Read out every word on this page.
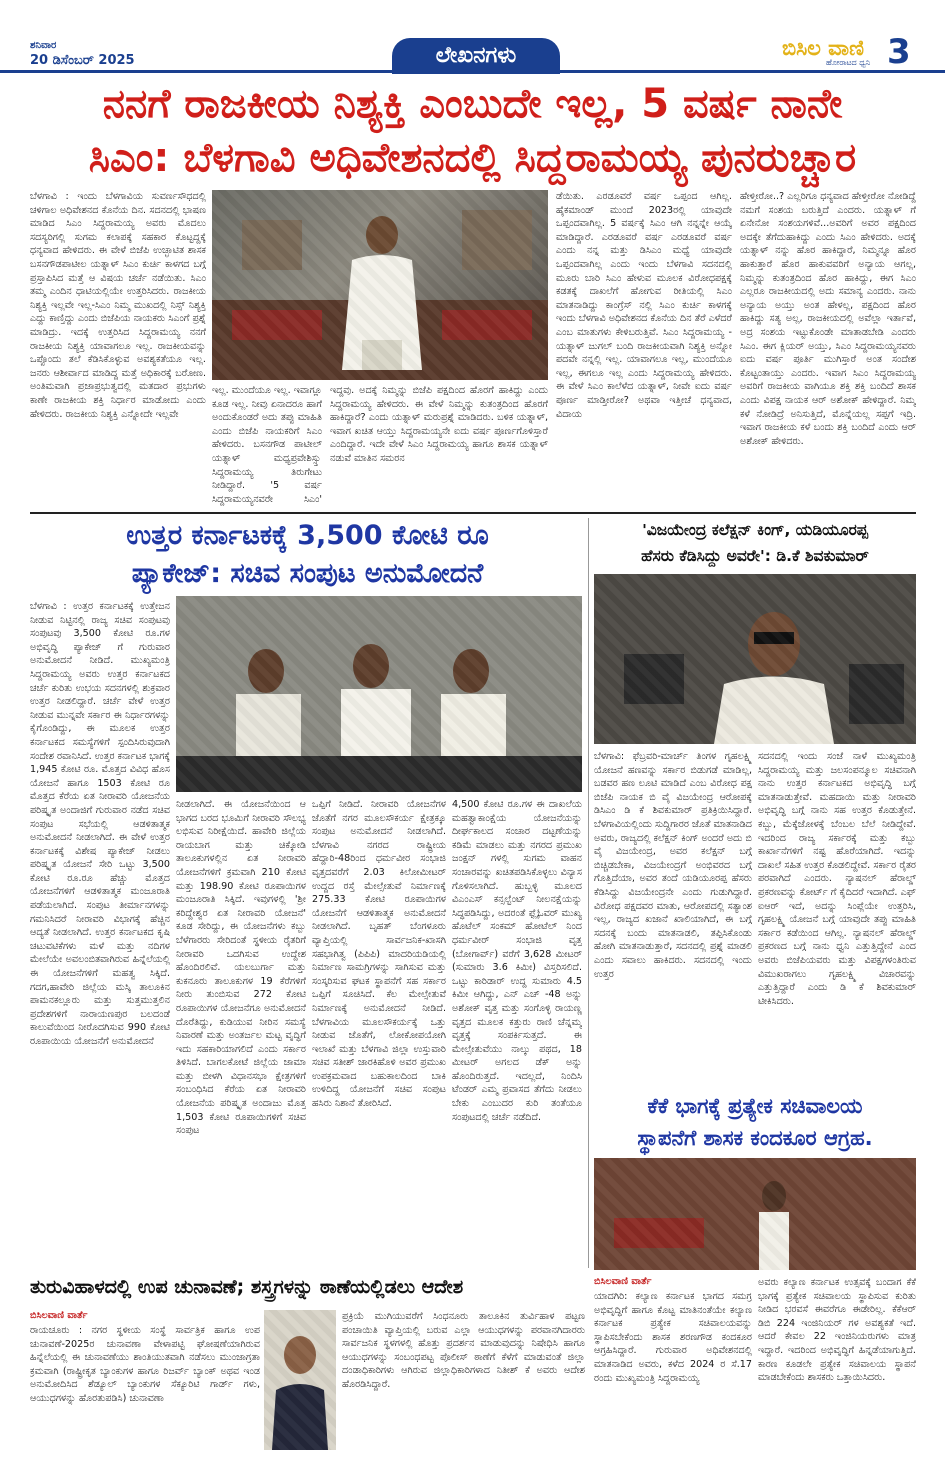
ಶನಿವಾರ
20 ಡಿಸೆಂಬರ್ 2025	ಲೇಖನಗಳು	ಬಿಸಿಲ ವಾಣಿ
ಹೋರಾಟದ ಧ್ವನಿ 3
ನನಗೆ ರಾಜಕೀಯ ನಿಶ್ಯಕ್ತಿ ಎಂಬುದೇ ಇಲ್ಲ, 5 ವರ್ಷ ನಾನೇ
ಸಿಎಂ: ಬೆಳಗಾವಿ ಅಧಿವೇಶನದಲ್ಲಿ ಸಿದ್ದರಾಮಯ್ಯ ಪುನರುಚ್ಚಾರ
ಬೆಳಗಾವಿ : ಇಂದು ಬೆಳಗಾವಿಯ ಸುವರ್ಣಸೌಧದಲ್ಲಿ ಚಳಿಗಾಲ ಅಧಿವೇಶನದ ಕೊನೆಯ ದಿನ. ಸದನದಲ್ಲಿ ಭಾಷಣ ಮಾಡಿದ ಸಿಎಂ ಸಿದ್ದರಾಮಯ್ಯ ಅವರು ಮೊದಲು ಸದಸ್ಯರಿಗಲ್ಲಿ ಸುಗಮ ಕಲಾಪಕ್ಕೆ ಸಹಕಾರ ಕೊಟ್ಟದ್ದಕ್ಕೆ ಧನ್ಯವಾದ ಹೇಳಿದರು. ಈ ವೇಳೆ ಬಿಜೆಪಿ ಉಚ್ಛಾಟಿತ ಶಾಸಕ ಬಸನಗೌಡಪಾಟೀಲ ಯತ್ನಾಳ್ ಸಿಎಂ ಕುರ್ಚಿ ಕಾಳಗದ ಬಗ್ಗೆ ಪ್ರಸ್ತಾಪಿಸಿದ ಮತ್ತೆ ಆ ವಿಷಯ ಚರ್ಚೆ ನಡೆಯಿತು. ಸಿಎಂ ತಮ್ಮ ಎಂದಿನ ಧಾಟಿಯಲ್ಲಿಯೇ ಉತ್ತರಿಸಿದರು. ರಾಜಕೀಯ ನಿಶ್ಯಕ್ತಿ ಇಲ್ಲವೇ ಇಲ್ಲ-ಸಿಎಂ ನಿಮ್ಮ ಮುಖದಲ್ಲಿ ನಿಸ್ಸ್ ನಿಶ್ಯಕ್ತಿ ಎದ್ದು ಕಾಣ್ತಿದ್ದು ಎಂದು ಬಿಜೆಪಿಯ ನಾಯಕರು ಸಿಎಂಗೆ ಪ್ರಶ್ನೆ ಮಾಡಿದ್ರು. ಇದಕ್ಕೆ ಉತ್ತರಿಸಿದ ಸಿದ್ದರಾಮಯ್ಯ ನನಗೆ ರಾಜಕೀಯ ನಿಶ್ಯಕ್ತಿ ಯಾವಾಗಲೂ ಇಲ್ಲ. ರಾಜಕೀಯವನ್ನು ಒಪ್ಪೊಂದು ತಲೆ ಕೆಡಿಸಿಕೊಳ್ಳುವ ಅವಶ್ಯಕತೆಯೂ ಇಲ್ಲ. ಜನರು ಆಶೀರ್ವಾದ ಮಾಡಿದ್ದ ಮತ್ತೆ ಅಧಿಕಾರಕ್ಕೆ ಬರೋಣ. ಅಂತಿಮವಾಗಿ ಪ್ರಜಾಪ್ರಭುತ್ವದಲ್ಲಿ ಮತದಾರ ಪ್ರಭುಗಳು ಕಾಣೇ ರಾಜಕೀಯ ಶಕ್ತಿ ನಿರ್ಧಾರ ಮಾಡೋದು ಎಂದು ಹೇಳಿದರು. ರಾಜಕೀಯ ನಿಶ್ಯಕ್ತಿ ಎನ್ನೋದೇ ಇಲ್ಲವೇ
ಇಲ್ಲ. ಮುಂದೆಯೂ ಇಲ್ಲ. ಇವಾಗ್ಲೂ ಕೂಡ ಇಲ್ಲ. ನೀವು ಏನಾದರೂ ಹಾಗೆ ಅಂದುಕೊಂಡರೆ ಅದು ತಪ್ಪು ಮಾಹಿತಿ ಎಂದು ಬಿಜೆಪಿ ನಾಯಕರಿಗೆ ಸಿಎಂ ಹೇಳಿದರು. ಬಸನಗೌಡ ಪಾಟೀಲ್ ಯತ್ನಾಳ್ ಮಧ್ಯಪ್ರವೇಶಿಸ್ಸ್ತು ಸಿದ್ದರಾಮಯ್ಯ ತಿರುಗೇಟು ನೀಡಿದ್ದಾರೆ. '5 ವರ್ಷ ಸಿದ್ದರಾಮಯ್ಯನವರೇ ಸಿಎಂ'
ಇದ್ದವು. ಅದಕ್ಕೆ ನಿಮ್ಮನ್ನು ಬಿಜೆಪಿ ಪಕ್ಷದಿಂದ ಹೊರಗೆ ಹಾಕಿದ್ದು ಎಂದು ಸಿದ್ದರಾಮಯ್ಯ ಹೇಳಿದರು. ಈ ವೇಳೆ ನಿಮ್ಮನ್ನು ಕುತಂತ್ರದಿಂದ ಹೊರಗೆ ಹಾಕಿದ್ದಾರೆ? ಎಂದು ಯತ್ನಾಳ್ ಮರುಪ್ರಶ್ನೆ ಮಾಡಿದರು. ಬಳಿಕ ಯತ್ನಾಳ್, ಇವಾಗ ಖಚಿತ ಆಯ್ತು ಸಿದ್ದರಾಮಯ್ಯನೇ ಐದು ವರ್ಷ ಪೂರ್ಣಗೊಳಿಸ್ತಾರೆ ಎಂದಿದ್ದಾರೆ. ಇದೇ ವೇಳೆ ಸಿಎಂ ಸಿದ್ದರಾಮಯ್ಯ ಹಾಗೂ ಶಾಸಕ ಯತ್ನಾಳ್ ನಡುವೆ ಮಾತಿನ ಸಮರನ
ಡೆಯಿತು. ಎರಡೂವರೆ ವರ್ಷ ಒಪ್ಪಂದ ಆಗಿಲ್ಲ. ಹೈಕಮಾಂಡ್ ಮುಂದೆ 2023ರಲ್ಲಿ ಯಾವುದೇ ಒಪ್ಪಂದವಾಗಿಲ್ಲ. 5 ವರ್ಷಕ್ಕೆ ಸಿಎಂ ಆಗಿ ನನ್ನನ್ನೇ ಆಯ್ಕೆ ಮಾಡಿದ್ದಾರೆ. ಎರಡೂವರೆ ವರ್ಷ ಎರಡೂವರೆ ವರ್ಷ ಎಂದು ನನ್ನ ಮತ್ತು ಡಿಸಿಎಂ ಮಧ್ಯೆ ಯಾವುದೇ ಒಪ್ಪಂದವಾಗಿಲ್ಲ ಎಂದು ಇಂದು ಬೆಳಗಾವಿ ಸದನದಲ್ಲಿ ಮೂರು ಬಾರಿ ಸಿಎಂ ಹೇಳುವ ಮೂಲಕ ವಿರೋಧಪಕ್ಷಕ್ಕೆ ಕಡತಕ್ಕೆ ದಾಖಲೆಗೆ ಹೋಗುವ ರೀತಿಯಲ್ಲಿ ಸಿಎಂ ಮಾತನಾಡಿದ್ದು ಕಾಂಗ್ರೆಸ್ ನಲ್ಲಿ ಸಿಎಂ ಕುರ್ಚಿ ಕಾಳಗಕ್ಕೆ ಇಂದು ಬೆಳಗಾವಿ ಅಧಿವೇಶನದ ಕೊನೆಯ ದಿನ ತೆರೆ ಎಳೆದರೆ ಎಂಬ ಮಾತುಗಳು ಕೇಳಿಬರುತ್ತಿವೆ. ಸಿಎಂ ಸಿದ್ದರಾಮಯ್ಯ - ಯತ್ನಾಳ್ ಜುಗಲ್ ಬಂದಿ ರಾಜಕೀಯವಾಗಿ ನಿಶ್ಯಕ್ತಿ ಅನ್ನೋ ಪದವೇ ನನ್ನಲ್ಲಿ ಇಲ್ಲ. ಯಾವಾಗಲೂ ಇಲ್ಲ, ಮುಂದೆಯೂ ಇಲ್ಲ, ಈಗಲೂ ಇಲ್ಲ ಎಂದು ಸಿದ್ದರಾಮಯ್ಯ ಹೇಳಿದರು. ಈ ವೇಳೆ ಸಿಎಂ ಕಾಲೆಳೆದ ಯತ್ನಾಳ್, ನೀವೇ ಐದು ವರ್ಷ ಪೂರ್ಣ ಮಾಡ್ತೀರೋ? ಅಥವಾ ಇತ್ತೀಚೆ ಧನ್ಯವಾದ, ವಿದಾಯ
ಹೇಳ್ತೀರೋ..? ಎಲ್ಲರಿಗೂ ಧನ್ಯವಾದ ಹೇಳ್ತೀರೋ ನೋಡಿದ್ದೆ ನಮಗೆ ಸಂಶಯ ಬರುತ್ತಿದೆ ಎಂದರು. ಯತ್ನಾಳ್ ಗೆ ಏನೇನೋ ಸಂಶಯಗಳಿವೆ...ಅವರಿಗೆ ಅವರ ಪಕ್ಷದಿಂದ ಅದಕ್ಕೇ ತೆಗೆದುಹಾಕಿದ್ದು ಎಂದು ಸಿಎಂ ಹೇಳಿದರು. ಅದಕ್ಕೆ ಯತ್ನಾಳ್ ನನ್ನು ಹೊರ ಹಾಕಿದ್ದಾರೆ, ನಿಮ್ಮನ್ನೂ ಹೊರ ಹಾಕುತ್ತಾರೆ ಹೊರ ಹಾಕುವವರಿಗೆ ಅನ್ಯಾಯ ಆಗಲ್ಲ, ನಿಮ್ಮನ್ನು ಕುತಂತ್ರದಿಂದ ಹೊರ ಹಾಕಿದ್ದು, ಈಗ ಸಿಎಂ ಎಲ್ಲರೂ ರಾಜಕೀಯದಲ್ಲಿ ಅದು ಸಮಾನ್ಯ ಎಂದರು. ನಾನು ಅನ್ಯಾಯ ಅಯ್ತು ಅಂತ ಹೇಳಲ್ಲ, ಪಕ್ಷದಿಂದ ಹೊರ ಹಾಕಿದ್ದು ಸತ್ಯ ಅಲ್ಲ, ರಾಜಕೀಯದಲ್ಲಿ ಅವೆಲ್ಲಾ ಇರ್ತಾವೆ, ಅದ್ರ ಸಂಶಯ ಇಟ್ಟುಕೊಂಡೇ ಮಾತಾಡಬೇಡಿ ಎಂದರು ಸಿಎಂ. ಈಗ ಕ್ಲಿಯರ್ ಅಯ್ತು, ಸಿಎಂ ಸಿದ್ದರಾಮಯ್ಯನವರು ಐದು ವರ್ಷ ಪೂರ್ತಿ ಮುಗಿಸ್ತಾರೆ ಅಂತ ಸಂದೇಶ ಕೊಟ್ಟಂತಾಯ್ತು ಎಂದರು. ಇವಾಗ ಸಿಎಂ ಸಿದ್ದರಾಮಯ್ಯ ಅವರಿಗೆ ರಾಜಕೀಯ ವಾಗಿಯೂ ಶಕ್ತಿ ಶಕ್ತಿ ಬಂದಿದೆ ಶಾಸಕ ಎಂದು ವಿಪಕ್ಷ ನಾಯಕ ಆರ್ ಅಶೋಕ್ ಹೇಳಿದ್ದಾರೆ. ನಿಮ್ಮ ಕಳೆ ನೋಡಿದ್ರೆ ಅನಿಸುತ್ತಿದೆ, ಮೊನ್ನೆಯಲ್ಲ ಸಪ್ಪಗೆ ಇದ್ರಿ. ಇವಾಗ ರಾಜಕೀಯ ಕಳೆ ಬಂದು ಶಕ್ತಿ ಬಂದಿದೆ ಎಂದು ಆರ್ ಅಶೋಕ್ ಹೇಳಿದರು.
ಉತ್ತರ ಕರ್ನಾಟಕಕ್ಕೆ 3,500 ಕೋಟಿ ರೂ
ಪ್ಯಾಕೇಜ್: ಸಚಿವ ಸಂಪುಟ ಅನುಮೋದನೆ
ಬೆಳಗಾವಿ : ಉತ್ತರ ಕರ್ನಾಟಕಕ್ಕೆ ಉತ್ತೇಜನ ನೀಡುವ ನಿಟ್ಟಿನಲ್ಲಿ ರಾಜ್ಯ ಸಚಿವ ಸಂಪುಟವು ಸಂಪುಟವು 3,500 ಕೋಟಿ ರೂ.ಗಳ ಅಭಿವೃದ್ಧಿ ಪ್ಯಾಕೇಜ್ ಗೆ ಗುರುವಾರ ಅನುಮೋದನೆ ನೀಡಿದೆ. ಮುಖ್ಯಮಂತ್ರಿ ಸಿದ್ದರಾಮಯ್ಯ ಅವರು ಉತ್ತರ ಕರ್ನಾಟಕದ ಚರ್ಚೆ ಕುರಿತು ಉಭಯ ಸದನಗಳಲ್ಲಿ ಶುಕ್ರವಾರ ಉತ್ತರ ನೀಡಲಿದ್ದಾರೆ. ಚರ್ಚೆ ವೇಳೆ ಉತ್ತರ ನೀಡುವ ಮುನ್ನವೇ ಸರ್ಕಾರ ಈ ನಿರ್ಧಾರಗಳನ್ನು ಕೈಗೊಂಡಿದ್ದು, ಈ ಮೂಲಕ ಉತ್ತರ ಕರ್ನಾಟಕದ ಸಮಸ್ಯೆಗಳಿಗೆ ಸ್ಪಂದಿಸಿರುವುದಾಗಿ ಸಂದೇಶ ರವಾನಿಸಿದೆ. ಉತ್ತರ ಕರ್ನಾಟಕ ಭಾಗಕ್ಕೆ 1,945 ಕೋಟಿ ರೂ. ಮೊತ್ತದ ವಿವಿಧ ಹೊಸ ಯೋಜನೆ ಹಾಗೂ 1503 ಕೋಟಿ ರೂ ಮೊತ್ತದ ಕೆರೆಯ ಏತ ನೀರಾವರಿ ಯೋಜನೆಯ ಪರಿಷ್ಕೃತ ಅಂದಾಜಿಗೆ ಗುರುವಾರ ನಡೆದ ಸಚಿವ ಸಂಪುಟ ಸಭೆಯಲ್ಲಿ ಆಡಳಿತಾತ್ಮಕ ಅನುಮೋದನೆ ನೀಡಲಾಗಿದೆ. ಈ ವೇಳೆ ಉತ್ತರ ಕರ್ನಾಟಕಕ್ಕೆ ವಿಶೇಷ ಪ್ಯಾಕೇಜ್ ನೀಡಲು ಪರಿಷ್ಕೃತ ಯೋಜನೆ ಸೇರಿ ಒಟ್ಟು 3,500 ಕೋಟಿ ರೂ.ರೂ ಹೆಚ್ಚು ಮೊತ್ತದ ಯೋಜನೆಗಳಿಗೆ ಆಡಳಿತಾತ್ಮಕ ಮಂಜೂರಾತಿ ಪಡೆಯಲಾಗಿದೆ. ಸಂಪುಟ ತೀರ್ಮಾನಗಳನ್ನು ಗಮನಿಸಿದರೆ ನೀರಾವರಿ ವಿಭಾಗಕ್ಕೆ ಹೆಚ್ಚಿನ ಆದ್ಯತೆ ನೀಡಲಾಗಿದೆ. ಉತ್ತರ ಕರ್ನಾಟಕದ ಕೃಷಿ ಚಟುವಟಿಕೆಗಳು ಮಳೆ ಮತ್ತು ನದಿಗಳ ಮೇಲೆಯೇ ಅವಲಂಬಿತವಾಗಿರುವ ಹಿನ್ನೆಲೆಯಲ್ಲಿ ಈ ಯೋಜನೆಗಳಿಗೆ ಮಹತ್ವ ಸಿಕ್ಕಿದೆ. ಗದಗ,ಹಾವೇರಿ ಜಿಲ್ಲೆಯ ಮಸ್ಕಿ ತಾಲೂಕಿನ ಪಾಮನಕಲ್ಲೂರು ಮತ್ತು ಸುತ್ತಮುತ್ತಲಿನ ಪ್ರದೇಶಗಳಿಗೆ ನಾರಾಯಣಪುರ ಬಲದಂಡೆ ಕಾಲುವೆಯಿಂದ ನೀರೊದಗಿಸುವ 990 ಕೋಟಿ ರೂಪಾಯಿಯ ಯೋಜನೆಗೆ ಅನುಮೋದನೆ
ನೀಡಲಾಗಿದೆ. ಈ ಯೋಜನೆಯಿಂದ ಆ ಭಾಗದ ಬರದ ಭೂಮಿಗೆ ನೀರಾವರಿ ಸೌಲಭ್ಯ ಲಭಿಸುವ ನಿರೀಕ್ಷೆಯಿದೆ. ಹಾವೇರಿ ಜಿಲ್ಲೆಯ ರಾಯಬಾಗ ಮತ್ತು ಚಿಕ್ಕೋಡಿ ತಾಲೂಕುಗಳಲ್ಲಿನ ಏತ ನೀರಾವರಿ ಯೋಜನೆಗಳಿಗೆ ಕ್ರಮವಾಗಿ 210 ಕೋಟಿ ಮತ್ತು 198.90 ಕೋಟಿ ರೂಪಾಯಿಗಳ ಮಂಜೂರಾತಿ ಸಿಕ್ಕಿದೆ. ಇವುಗಳಲ್ಲಿ 'ಶ್ರೀ ಕರಿದ್ದೇಶ್ವರ ಏತ ನೀರಾವರಿ ಯೋಜನೆ' ಕೂಡ ಸೇರಿದ್ದು, ಈ ಯೋಜನೆಗಳು ಕಬ್ಬು ಬೆಳೆಗಾರರು ಸೇರಿದಂತೆ ಸ್ಥಳೀಯ ರೈತರಿಗೆ ನೀರಾವರಿ ಒದಗಿಸುವ ಉದ್ದೇಶ ಹೊಂದಿರಲಿವೆ. ಯಲಬುರ್ಗಾ ಮತ್ತು ಕುಕನೂರು ತಾಲೂಕುಗಳ 19 ಕೆರೆಗಳಿಗೆ ನೀರು ತುಂಬಿಸುವ 272 ಕೋಟಿ ರೂಪಾಯಿಗಳ ಯೋಜನೆಗೂ ಅನುಮೋದನೆ ದೊರೆತಿದ್ದು, ಕುಡಿಯುವ ನೀರಿನ ಸಮಸ್ಯೆ ನಿವಾರಣೆ ಮತ್ತು ಅಂತರ್ಜಲ ಮಟ್ಟ ವೃದ್ಧಿಗೆ ಇದು ಸಹಕಾರಿಯಾಗಲಿದೆ ಎಂದು ಸರ್ಕಾರ ತಿಳಿಸಿದೆ. ಬಾಗಲಕೋಟೆ ಜಿಲ್ಲೆಯ ಜಾಮಾ ಮತ್ತು ಬೀಳಗಿ ವಿಧಾನಸಭಾ ಕ್ಷೇತ್ರಗಳಿಗೆ ಸಂಬಂಧಿಸಿದ ಕೆರೆಯ ಏತ ನೀರಾವರಿ ಯೋಜನೆಯ ಪರಿಷ್ಕೃತ ಅಂದಾಜು ಮೊತ್ತ 1,503 ಕೋಟಿ ರೂಪಾಯಿಗಳಿಗೆ ಸಚಿವ ಸಂಪುಟ
ಒಪ್ಪಿಗೆ ನೀಡಿದೆ. ನೀರಾವರಿ ಯೋಜನೆಗಳ ಜೊತೆಗೆ ನಗರ ಮೂಲಸೌಕರ್ಯ ಕ್ಷೇತ್ರಕ್ಕೂ ಸಂಪುಟ ಅನುಮೋದನೆ ನೀಡಲಾಗಿದೆ. ಬೆಳಗಾವಿ ನಗರದ ರಾಷ್ಟ್ರೀಯ ಹೆದ್ದಾರಿ-48ರಿಂದ ಧರ್ಮವೀರ ಸಂಭಾಜಿ ವೃತ್ತದವರೆಗೆ 2.03 ಕಿಲೋಮೀಟರ್ ಉದ್ದದ ರಸ್ತೆ ಮೇಲ್ಸೇತುವೆ ನಿರ್ಮಾಣಕ್ಕೆ 275.33 ಕೋಟಿ ರೂಪಾಯಿಗಳ ಯೋಜನೆಗೆ ಆಡಳಿತಾತ್ಮಕ ಅನುಮೋದನೆ ನೀಡಲಾಗಿದೆ. ಬೃಹತ್ ಬೆಂಗಳೂರು ವ್ಯಾಪ್ತಿಯಲ್ಲಿ ಸಾರ್ವಜನಿಕ-ಖಾಸಗಿ ಸಹಭಾಗಿತ್ವ (ಪಿಪಿಪಿ) ಮಾದರಿಯಡಿಯಲ್ಲಿ ನಿರ್ಮಾಣ ಸಾಮಗ್ರಿಗಳನ್ನು ಸಾಗಿಸುವ ಮತ್ತು ಸಂಸ್ಕರಿಸುವ ಘಟಕ ಸ್ಥಾಪನೆಗೆ ಸಹ ಸರ್ಕಾರ ಒಪ್ಪಿಗೆ ಸೂಚಿಸಿದೆ. ಕೆಲ ಮೇಲ್ಸೇತುವೆ ನಿರ್ಮಾಣಕ್ಕೆ ಅನುಮೋದನೆ ನೀಡಿದೆ. ಬೆಳಗಾವಿಯ ಮೂಲಸೌಕರ್ಯಕ್ಕೆ ಒತ್ತು ನೀಡುವ ಜೊತೆಗೆ, ಲೋಕೋಪಯೋಗಿ ಇಲಾಖೆ ಮತ್ತು ಬೆಳಗಾವಿ ಜಿಲ್ಲಾ ಉಸ್ತುವಾರಿ ಸಚಿವ ಸತೀಶ್ ಜಾರಕಿಹೊಳಿ ಅವರ ಪ್ರಮುಖ ಉಪಕ್ರಮವಾದ ಬಹುಕಾಲದಿಂದ ಬಾಕಿ ಉಳಿದಿದ್ದ ಯೋಜನೆಗೆ ಸಚಿವ ಸಂಪುಟ ಹಸಿರು ನಿಶಾನೆ ತೋರಿಸಿದೆ.
4,500 ಕೋಟಿ ರೂ.ಗಳ ಈ ದಾಖಲೆಯ ಮಹತ್ವಾಕಾಂಕ್ಷೆಯ ಯೋಜನೆಯನ್ನು ದೀರ್ಘಕಾಲದ ಸಂಚಾರ ದಟ್ಟಣೆಯನ್ನು ಕಡಿಮೆ ಮಾಡಲು ಮತ್ತು ನಗರದ ಪ್ರಮುಖ ಜಂಕ್ಷನ್ ಗಳಲ್ಲಿ ಸುಗಮ ವಾಹನ ಸಂಚಾರವನ್ನು ಖಚಿತಪಡಿಸಿಕೊಳ್ಳಲು ವಿನ್ಯಾಸ ಗೊಳಿಸಲಾಗಿದೆ. ಹುಬ್ಬಳ್ಳಿ ಮೂಲದ ವಿಎಂಎಸ್ ಕನ್ಸಲ್ಟೆಂಟ್ ನೀಲನಕ್ಷೆಯನ್ನು ಸಿದ್ಧಪಡಿಸಿದ್ದು, ಅದರಂತೆ ಫ್ಲೈಓವರ್ ಮುಖ್ಯ ಹೊಟೆಲ್ ಸಂಕಮ್ ಹೋಟೆಲ್ ನಿಂದ ಧರ್ಮವೀರ್ ಸಂಭಾಜಿ ವೃತ್ತ (ಬೋಗಾರ್ವ್) ವರೆಗೆ 3,628 ಮೀಟರ್ (ಸುಮಾರು 3.6 ಕಿಮೀ) ವಿಸ್ತರಿಸಲಿದೆ. ಒಟ್ಟು ಕಾರಿಡಾರ್ ಉದ್ದ ಸುಮಾರು 4.5 ಕಿಮೀ ಆಗಿದ್ದು, ಎನ್ ಎಚ್ -48 ಅನ್ನು ಅಶೋಕ್ ವೃತ್ತ ಮತ್ತು ಸಂಗೊಳ್ಳಿ ರಾಯಣ್ಣ ವೃತ್ತದ ಮೂಲಕ ಕತ್ತುರು ರಾಣಿ ಚೆನ್ನಮ್ಮ ವೃತ್ತಕ್ಕೆ ಸಂಪರ್ಕಿಸುತ್ತದೆ. ಈ ಮೇಲ್ಸೇತುವೆಯು ನಾಲ್ಕು ಪಥದ, 18 ಮೀಟರ್ ಅಗಲದ ಡೆಕ್ ಅನ್ನು ಹೊಂದಿರುತ್ತದೆ. ಇದಲ್ಲದೆ, ನಿಂದಿಸಿ ಟೆಂಡರ್ ಎಮ್ಮ ಪ್ರವಾಸದ ತೆಗೆದು ನೀಡಲು ಬೇಕು ಎಂಬುದರ ಕುರಿ ತಂತೆಯೂ ಸಂಪುಟದಲ್ಲಿ ಚರ್ಚೆ ನಡೆದಿದೆ.
'ವಿಜಯೇಂದ್ರ ಕಲೆಕ್ಷನ್ ಕಿಂಗ್, ಯಡಿಯೂರಪ್ಪ
ಹೆಸರು ಕೆಡಿಸಿದ್ದು ಅವರೇ': ಡಿ.ಕೆ ಶಿವಕುಮಾರ್
ಬೆಳಗಾವಿ: ಫೆಬ್ರವರಿ-ಮಾರ್ಚ್ ತಿಂಗಳ ಗೃಹಲಕ್ಷ್ಮಿ ಯೋಜನೆ ಹಣವನ್ನು ಸರ್ಕಾರ ಬಿಡುಗಡೆ ಮಾಡಿಲ್ಲ, ಬಡವರ ಹಣ ಲೂಟಿ ಮಾಡಿದೆ ಎಂಬ ವಿರೋಧ ಪಕ್ಷ ಬಿಜೆಪಿ ನಾಯಕ ಬಿ ವೈ ವಿಜಯೇಂದ್ರ ಆರೋಪಕ್ಕೆ ಡಿಸಿಎಂ ಡಿ ಕೆ ಶಿವಕುಮಾರ್ ಪ್ರತಿಕ್ರಿಯಿಸಿದ್ದಾರೆ. ಬೆಳಗಾವಿಯಲ್ಲಿಂದು ಸುದ್ದಿಗಾರರ ಜೊತೆ ಮಾತನಾಡಿದ ಅವರು, ರಾಜ್ಯದಲ್ಲಿ ಕಲೆಕ್ಷನ್ ಕಿಂಗ್ ಅಂದರೆ ಅದು ಬಿ ವೈ ವಿಜಯೇಂದ್ರ, ಅವರ ಕಲೆಕ್ಷನ್ ಬಗ್ಗೆ ಬಿಚ್ಚಿಡಬೇಕಾ, ವಿಜಯೇಂದ್ರಗೆ ಅಂಭಿವರದ ಬಗ್ಗೆ ಗೊತ್ತಿದೆಯಾ, ಅವರ ತಂದೆ ಯಡಿಯೂರಪ್ಪ ಹೆಸರು ಕೆಡಿಸಿದ್ದು ವಿಜಯೇಂದ್ರನೇ ಎಂದು ಗುಡುಗಿದ್ದಾರೆ. ವಿರೋಧ ಪಕ್ಷದವರ ಮಾತು, ಆರೋಪದಲ್ಲಿ ಸತ್ಯಾಂಶ ಇಲ್ಲ, ರಾಜ್ಯದ ಖಜಾನೆ ಖಾಲಿಯಾಗಿದೆ, ಈ ಬಗ್ಗೆ ಸದನಕ್ಕೆ ಬಂದು ಮಾತನಾಡಲಿ, ತಪ್ಪಿಸಿಕೊಂಡು ಹೋಗಿ ಮಾತನಾಡುತ್ತಾರೆ, ಸದನದಲ್ಲಿ ಪ್ರಶ್ನೆ ಮಾಡಲಿ ಎಂದು ಸವಾಲು ಹಾಕಿದರು. ಸದನದಲ್ಲಿ ಇಂದು ಉತ್ತರ
ಸದನದಲ್ಲಿ ಇಂದು ಸಂಜೆ ನಾಳೆ ಮುಖ್ಯಮಂತ್ರಿ ಸಿದ್ದರಾಮಯ್ಯ ಮತ್ತು ಜಲಸಂಪನ್ಮೂಲ ಸಚಿವನಾಗಿ ನಾನು ಉತ್ತರ ಕರ್ನಾಟಕದ ಅಭಿವೃದ್ಧಿ ಬಗ್ಗೆ ಮಾತನಾಡುತ್ತೇವೆ. ಮಹದಾಯಿ ಮತ್ತು ನೀರಾವರಿ ಅಭಿವೃದ್ಧಿ ಬಗ್ಗೆ ನಾನು ಸಹ ಉತ್ತರ ಕೊಡುತ್ತೇನೆ. ಕಬ್ಬು, ಮೆಕ್ಕೆಜೋಳಕ್ಕೆ ಬೆಂಬಲ ಬೆಲೆ ನೀಡಿದ್ದೇವೆ. ಇದರಿಂದ ರಾಜ್ಯ ಸರ್ಕಾರಕ್ಕೆ ಮತ್ತು ಕಬ್ಬು ಕಾರ್ಖಾನೆಗಳಿಗೆ ನಷ್ಟ ಹೊರೆಯಾಗಿದೆ. ಇದನ್ನು ದಾಖಲೆ ಸಹಿತ ಉತ್ತರ ಕೊಡಲಿದ್ದೇವೆ. ಸರ್ಕಾರ ರೈತರ ಪರವಾಗಿದೆ ಎಂದರು. ನ್ಯಾಷನಲ್ ಹೆರಾಲ್ಡ್ ಪ್ರಕರಣವನ್ನು ಕೋರ್ಟ್ ಗೆ ಕೈದಿದರೆ ಇದಾಗಿದೆ. ಎಫ್ ಐಆರ್ ಇದೆ, ಅದನ್ನು ಸಿಂಪ್ಲೆಯೇ ಉತ್ತರಿಸಿ, ಗೃಹಲಕ್ಷ್ಮಿ ಯೋಜನೆ ಬಗ್ಗೆ ಯಾವುದೇ ತಪ್ಪು ಮಾಹಿತಿ ಸರ್ಕಾರ ಕಡೆಯಿಂದ ಆಗಿಲ್ಲ. ನ್ಯಾಷನಲ್ ಹೆರಾಲ್ಡ್ ಪ್ರಕರಣದ ಬಗ್ಗೆ ನಾನು ಧ್ವನಿ ಎತ್ತುತ್ತಿದ್ದೇನೆ ಎಂದ ಅವರು ಬಿಜೆಪಿಯವರು ಮತ್ತು ವಿಪಕ್ಷಗಳಂತಿರುವ ವಿಮುಖರಾಗಲು ಗೃಹಲಕ್ಷ್ಮಿ ವಿಚಾರವನ್ನು ಎತ್ತುತ್ತಿದ್ದಾರೆ ಎಂದು ಡಿ ಕೆ ಶಿವಕುಮಾರ್ ಟೀಕಿಸಿದರು.
ಕೆಕೆ ಭಾಗಕ್ಕೆ ಪ್ರತ್ಯೇಕ ಸಚಿವಾಲಯ
ಸ್ಥಾಪನೆಗೆ ಶಾಸಕ ಕಂದಕೂರ ಆಗ್ರಹ.
ಬಿಸಿಲವಾಣಿ ವಾರ್ತೆ
ಯಾದಗಿರಿ: ಕಲ್ಯಾಣ ಕರ್ನಾಟಕ ಭಾಗದ ಸಮಗ್ರ ಅಭಿವೃದ್ಧಿಗೆ ಹಾಗೂ ಕೊಟ್ಟ ಮಾತಿನಂತೆಯೇ ಕಲ್ಯಾಣ ಕರ್ನಾಟಕ ಪ್ರತ್ಯೇಕ ಸಚಿವಾಲಯವನ್ನು ಸ್ಥಾಪಿಸಬೇಕೆಂದು ಶಾಸಕ ಶರಣಗೌಡ ಕಂದಕೂರ ಆಗ್ರಹಿಸಿದ್ದಾರೆ. ಗುರುವಾರ ಅಧಿವೇಶನದಲ್ಲಿ ಮಾತನಾಡಿದ ಅವರು, ಕಳೆದ 2024 ರ ಸೆ.17 ರಂದು ಮುಖ್ಯಮಂತ್ರಿ ಸಿದ್ದರಾಮಯ್ಯ
ಅವರು ಕಲ್ಯಾಣ ಕರ್ನಾಟಕ ಉತ್ಸವಕ್ಕೆ ಬಂದಾಗ ಕೆಕೆ ಭಾಗಕ್ಕೆ ಪ್ರತ್ಯೇಕ ಸಚಿವಾಲಯ ಸ್ಥಾಪಿಸುವ ಕುರಿತು ನೀಡಿದ ಭರವಸೆ ಈವರೆಗೂ ಈಡೇರಿಲ್ಲ. ಕೆಕೆಆರ್ ಡಿಬಿ 224 ಇಂಜಿನಿಯರ್ ಗಳ ಅವಶ್ಯಕತೆ ಇದೆ. ಆದರೆ ಕೇವಲ 22 ಇಂಜಿನಿಯರುಗಳು ಮಾತ್ರ ಇದ್ದಾರೆ. ಇದರಿಂದ ಅಭಿವೃದ್ಧಿಗೆ ಹಿನ್ನಡೆಯಾಗುತ್ತಿದೆ. ಕಾರಣ ಕೂಡಲೇ ಪ್ರತ್ಯೇಕ ಸಚಿವಾಲಯ ಸ್ಥಾಪನೆ ಮಾಡಬೇಕೆಂದು ಶಾಸಕರು ಒತ್ತಾಯಿಸಿದರು.
ತುರುವಿಹಾಳದಲ್ಲಿ ಉಪ ಚುನಾವಣೆ; ಶಸ್ತ್ರಗಳನ್ನು ಠಾಣೆಯಲ್ಲಿಡಲು ಆದೇಶ
ಬಿಸಿಲವಾಣಿ ವಾರ್ತೆ
ರಾಯಚೂರು : ನಗರ ಸ್ಥಳೀಯ ಸಂಸ್ಥೆ ಸಾರ್ವತ್ರಿಕ ಹಾಗೂ ಉಪ ಚುನಾವಣೆ-2025ರ ಚುನಾವಣಾ ವೇಳಾಪಟ್ಟಿ ಘೋಷಣೆಯಾಗಿರುವ ಹಿನ್ನೆಲೆಯಲ್ಲಿ ಈ ಚುನಾವಣೆಯು ಶಾಂತಿಯುತವಾಗಿ ನಡೆಸಲು ಮುಂಜಾಗ್ರತಾ ಕ್ರಮವಾಗಿ (ರಾಷ್ಟ್ರೀಕೃತ ಬ್ಯಾಂಕುಗಳ ಹಾಗೂ ರಿಜರ್ವ್ ಬ್ಯಾಂಕ್ ಅಥವ ಇಂಡ ಅನುಮೋದಿಸಿದ ಶೆಡ್ಯೂಲ್ ಬ್ಯಾಂಕುಗಳ ಸೆಕ್ಯೂರಿಟಿ ಗಾರ್ಡ್ ಗಳು, ಆಯುಧಗಳನ್ನು ಹೊರತುಪಡಿಸಿ) ಚುನಾವಣಾ
ಪ್ರಕ್ರಿಯೆ ಮುಗಿಯುವರೆಗೆ ಸಿಂಧನೂರು ತಾಲೂಕಿನ ತುರ್ವಿಹಾಳ ಪಟ್ಟಣ ಪಂಚಾಯಿತಿ ವ್ಯಾಪ್ತಿಯಲ್ಲಿ ಬರುವ ಎಲ್ಲಾ ಆಯುಧಗಳನ್ನು ಪರವಾನಗಿದಾರರು ಸಾರ್ವಜನಿಕ ಸ್ಥಳಗಳಲ್ಲಿ ಹೊತ್ತು ಪ್ರದರ್ಶನ ಮಾಡುವುದನ್ನು ನಿಷೇಧಿಸಿ ಹಾಗೂ ಆಯುಧಗಳನ್ನು ಸಂಬಂಧಪಟ್ಟ ಪೊಲೀಸ್ ಠಾಣೆಗೆ ಕೆಳೆಗೆ ಮಾಡುವಂತೆ ಜಿಲ್ಲಾ ದಂಡಾಧಿಕಾರಿಗಳು ಆಗಿರುವ ಜಿಲ್ಲಾಧಿಕಾರಿಗಳಾದ ನಿತೀಶ್ ಕೆ ಅವರು ಆದೇಶ ಹೊರಡಿಸಿದ್ದಾರೆ.
